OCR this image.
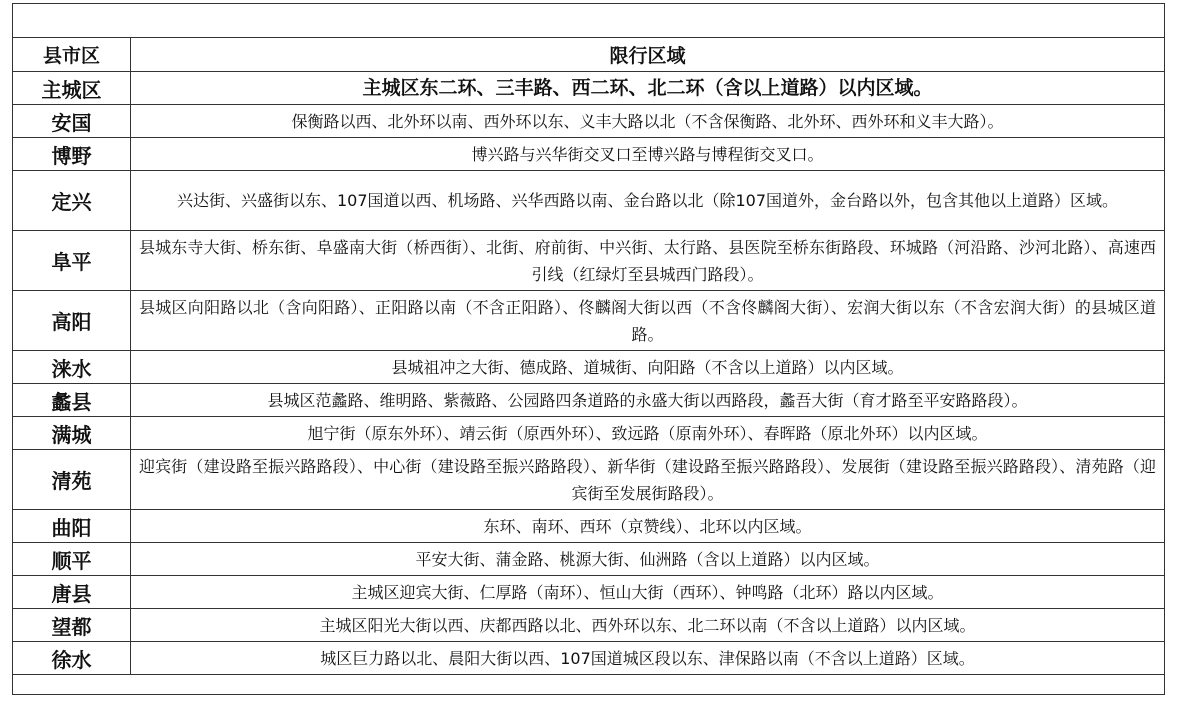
县市区	限行区域
主城区	主城区东二环、三丰路、西二环、北二环（含以上道路）以内区域。
安国	保衡路以西、北外环以南、西外环以东、义丰大路以北（不含保衡路、北外环、西外环和义丰大路）。
博野	博兴路与兴华街交叉口至博兴路与博程街交叉口。
定兴	兴达街、兴盛街以东、107国道以西、机场路、兴华西路以南、金台路以北（除107国道外，金台路以外，包含其他以上道路）区域。
阜平	县城东寺大街、桥东街、阜盛南大街（桥西街）、北街、府前街、中兴街、太行路、县医院至桥东街路段、环城路（河沿路、沙河北路）、高速西引线（红绿灯至县城西门路段）。
高阳	县城区向阳路以北（含向阳路）、正阳路以南（不含正阳路）、佟麟阁大街以西（不含佟麟阁大街）、宏润大街以东（不含宏润大街）的县城区道路。
涞水	县城祖冲之大街、德成路、道城街、向阳路（不含以上道路）以内区域。
蠡县	县城区范蠡路、维明路、紫薇路、公园路四条道路的永盛大街以西路段，蠡吾大街（育才路至平安路路段）。
满城	旭宁街（原东外环）、靖云街（原西外环）、致远路（原南外环）、春晖路（原北外环）以内区域。
清苑	迎宾街（建设路至振兴路路段）、中心街（建设路至振兴路路段）、新华街（建设路至振兴路路段）、发展街（建设路至振兴路路段）、清苑路（迎宾街至发展街路段）。
曲阳	东环、南环、西环（京赞线）、北环以内区域。
顺平	平安大街、蒲金路、桃源大街、仙洲路（含以上道路）以内区域。
唐县	主城区迎宾大街、仁厚路（南环）、恒山大街（西环）、钟鸣路（北环）路以内区域。
望都	主城区阳光大街以西、庆都西路以北、西外环以东、北二环以南（不含以上道路）以内区域。
徐水	城区巨力路以北、晨阳大街以西、107国道城区段以东、津保路以南（不含以上道路）区域。
